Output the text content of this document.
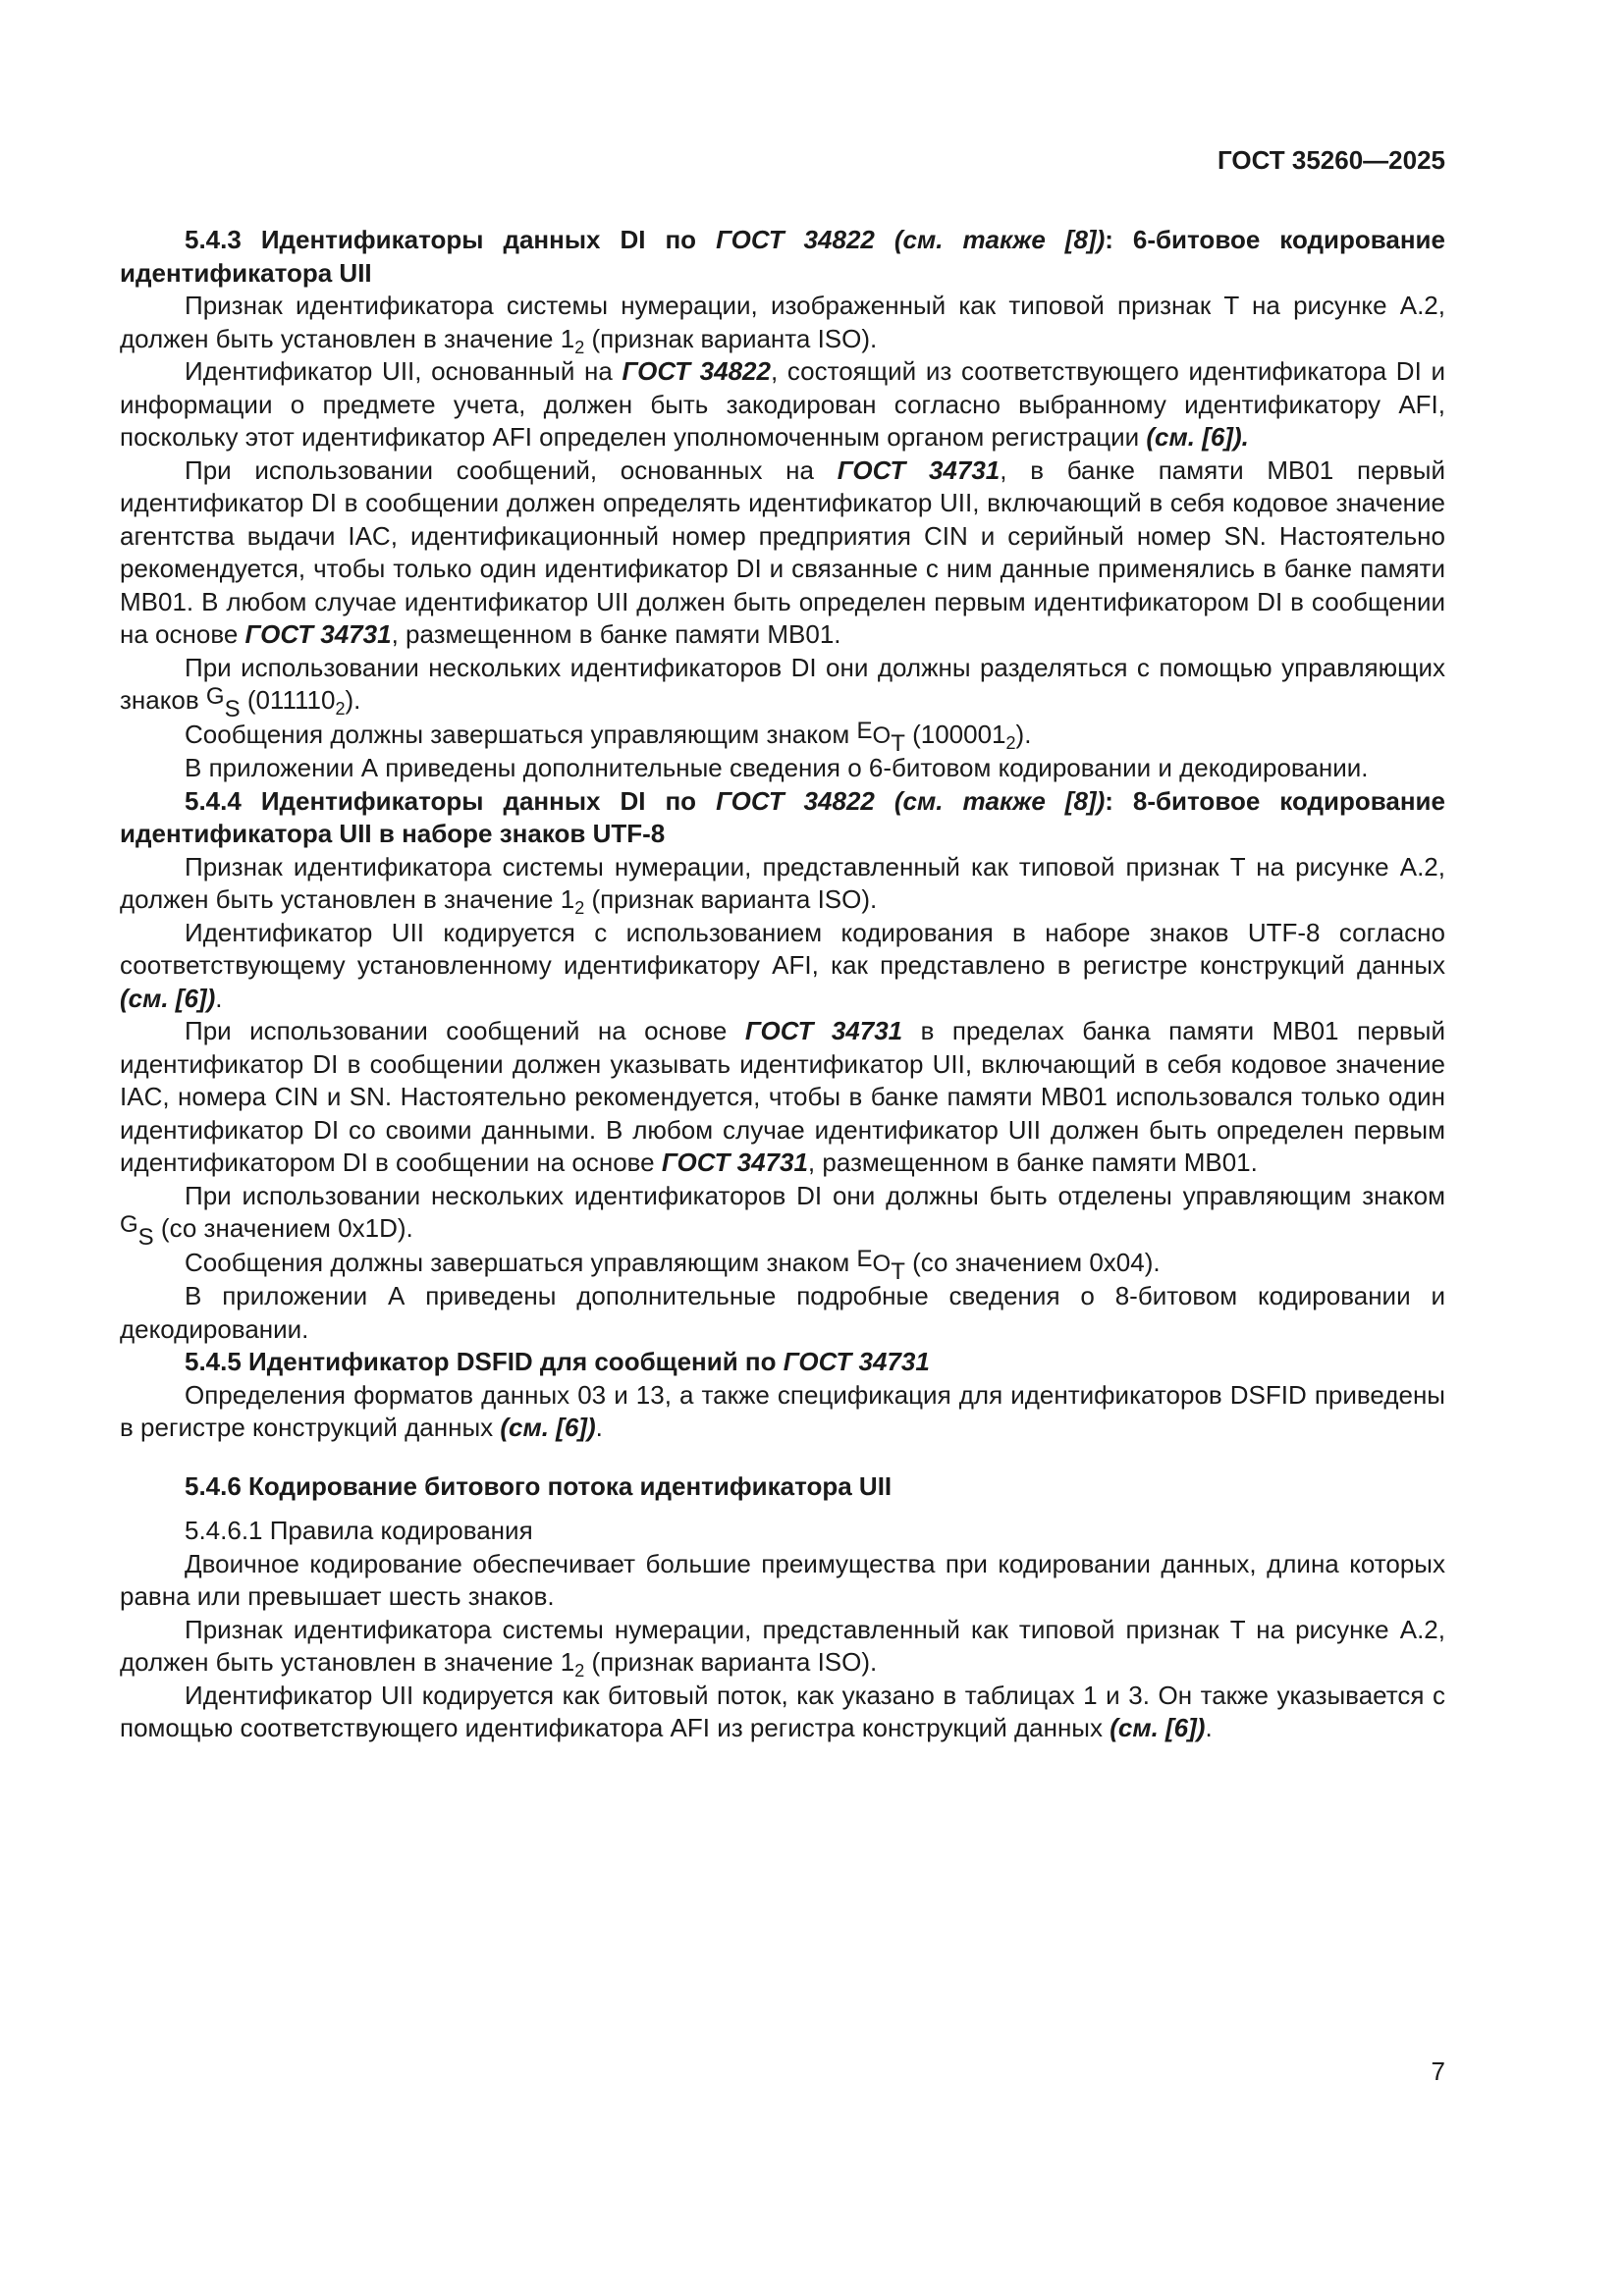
ГОСТ 35260—2025

5.4.3 Идентификаторы данных DI по ГОСТ 34822 (см. также [8]): 6-битовое кодирование идентификатора UII

Признак идентификатора системы нумерации, изображенный как типовой признак T на рисунке А.2, должен быть установлен в значение $1_2$ (признак варианта ISO).

Идентификатор UII, основанный на ГОСТ 34822, состоящий из соответствующего идентификатора DI и информации о предмете учета, должен быть закодирован согласно выбранному идентификатору AFI, поскольку этот идентификатор AFI определен уполномоченным органом регистрации (см. [6]).

При использовании сообщений, основанных на ГОСТ 34731, в банке памяти MB01 первый идентификатор DI в сообщении должен определять идентификатор UII, включающий в себя кодовое значение агентства выдачи IAC, идентификационный номер предприятия CIN и серийный номер SN. Настоятельно рекомендуется, чтобы только один идентификатор DI и связанные с ним данные применялись в банке памяти MB01. В любом случае идентификатор UII должен быть определен первым идентификатором DI в сообщении на основе ГОСТ 34731, размещенном в банке памяти MB01.

При использовании нескольких идентификаторов DI они должны разделяться с помощью управляющих знаков GS $(011110_2)$.

Сообщения должны завершаться управляющим знаком EOT $(100001_2)$.

В приложении А приведены дополнительные сведения о 6-битовом кодировании и декодировании.

5.4.4 Идентификаторы данных DI по ГОСТ 34822 (см. также [8]): 8-битовое кодирование идентификатора UII в наборе знаков UTF-8

Признак идентификатора системы нумерации, представленный как типовой признак T на рисунке А.2, должен быть установлен в значение $1_2$ (признак варианта ISO).

Идентификатор UII кодируется с использованием кодирования в наборе знаков UTF-8 согласно соответствующему установленному идентификатору AFI, как представлено в регистре конструкций данных (см. [6]).

При использовании сообщений на основе ГОСТ 34731 в пределах банка памяти MB01 первый идентификатор DI в сообщении должен указывать идентификатор UII, включающий в себя кодовое значение IAC, номера CIN и SN. Настоятельно рекомендуется, чтобы в банке памяти MB01 использовался только один идентификатор DI со своими данными. В любом случае идентификатор UII должен быть определен первым идентификатором DI в сообщении на основе ГОСТ 34731, размещенном в банке памяти MB01.

При использовании нескольких идентификаторов DI они должны быть отделены управляющим знаком GS (со значением 0x1D).

Сообщения должны завершаться управляющим знаком EOT (со значением 0x04).

В приложении А приведены дополнительные подробные сведения о 8-битовом кодировании и декодировании.

5.4.5 Идентификатор DSFID для сообщений по ГОСТ 34731

Определения форматов данных 03 и 13, а также спецификация для идентификаторов DSFID приведены в регистре конструкций данных (см. [6]).

5.4.6 Кодирование битового потока идентификатора UII

5.4.6.1 Правила кодирования

Двоичное кодирование обеспечивает большие преимущества при кодировании данных, длина которых равна или превышает шесть знаков.

Признак идентификатора системы нумерации, представленный как типовой признак T на рисунке А.2, должен быть установлен в значение $1_2$ (признак варианта ISO).

Идентификатор UII кодируется как битовый поток, как указано в таблицах 1 и 3. Он также указывается с помощью соответствующего идентификатора AFI из регистра конструкций данных (см. [6]).

7
